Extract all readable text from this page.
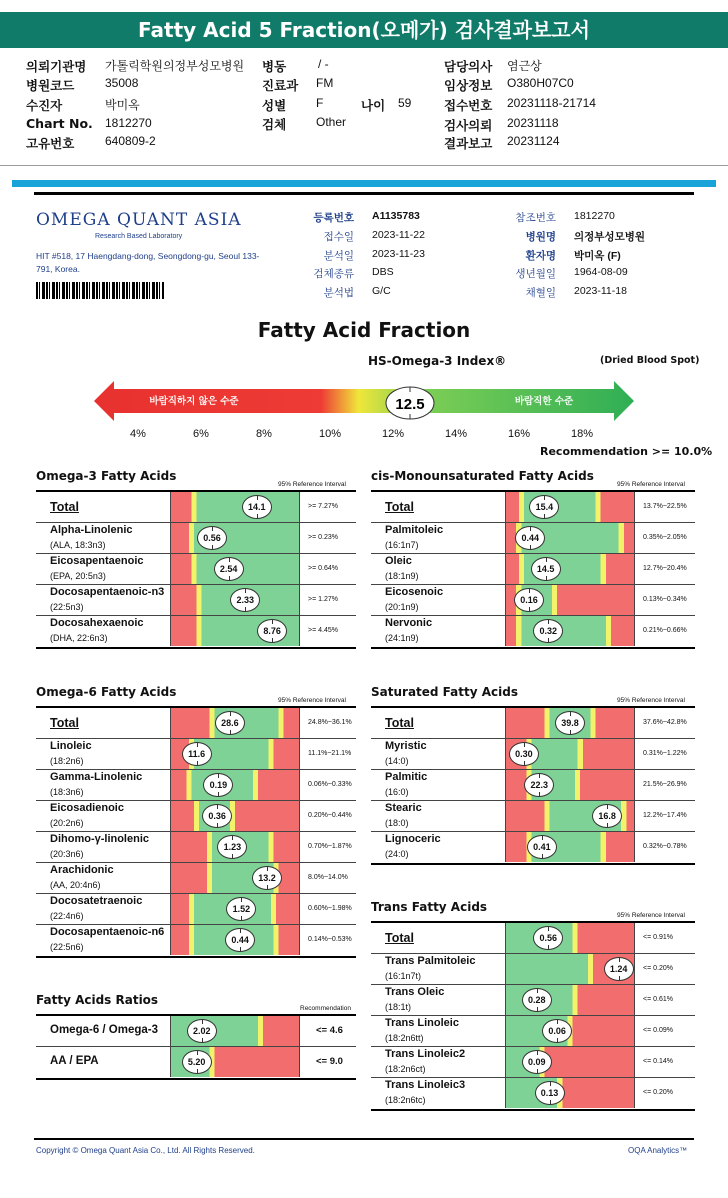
Fatty Acid 5 Fraction(오메가) 검사결과보고서
의뢰기관명 가톨릭학원의정부성모병원 병동	/ -	담당의사 염근상
병원코드	35008	진료과 FM	임상정보 O380H07C0
수진자	박미옥	성별 F	나이 59	접수번호 20231118-21714
Chart No. 1812270	검체 Other	검사의뢰 20231118
고유번호	640809-2	결과보고 20231124
OMEGA QUANT ASIA
Research Based Laboratory
HIT #518, 17 Haengdang-dong, Seongdong-gu, Seoul 133-791, Korea.
등록번호 A1135783
접수일 2023-11-22
분석일 2023-11-23
검체종류 DBS
분석법 G/C
참조번호 1812270
병원명 의정부성모병원
환자명 박미옥 (F)
생년월일 1964-08-09
채혈일 2023-11-18
Fatty Acid Fraction
HS-Omega-3 Index®	(Dried Blood Spot)
바람직하지 않은 수준	바람직한 수준
12.5
4%	6%	8%	10%	12%	14%	16%	18%
Recommendation >= 10.0%
Omega-3 Fatty Acids
95% Reference Interval
Total	14.1	>= 7.27%
Alpha-Linolenic
(ALA, 18:3n3)
0.56	>= 0.23%
Eicosapentaenoic
(EPA, 20:5n3)
2.54	>= 0.64%
Docosapentaenoic-n3
(22:5n3)
2.33	>= 1.27%
Docosahexaenoic
(DHA, 22:6n3)
8.76	>= 4.45%
cis-Monounsaturated Fatty Acids
95% Reference Interval
Total	15.4	13.7%~22.5%
Palmitoleic
(16:1n7)
0.44	0.35%~2.05%
Oleic
(18:1n9)
14.5	12.7%~20.4%
Eicosenoic
(20:1n9)
0.16	0.13%~0.34%
Nervonic
(24:1n9)
0.32	0.21%~0.66%
Omega-6 Fatty Acids
95% Reference Interval
Total	28.6	24.8%~36.1%
Linoleic
(18:2n6)
11.6	11.1%~21.1%
Gamma-Linolenic
(18:3n6)
0.19	0.06%~0.33%
Eicosadienoic
(20:2n6)
0.36	0.20%~0.44%
Dihomo-γ-linolenic
(20:3n6)
1.23	0.70%~1.87%
Arachidonic
(AA, 20:4n6)
13.2	8.0%~14.0%
Docosatetraenoic
(22:4n6)
1.52	0.60%~1.98%
Docosapentaenoic-n6
(22:5n6)
0.44	0.14%~0.53%
Saturated Fatty Acids
95% Reference Interval
Total	39.8	37.6%~42.8%
Myristic
(14:0)
0.30	0.31%~1.22%
Palmitic
(16:0)
22.3	21.5%~26.9%
Stearic
(18:0)
16.8	12.2%~17.4%
Lignoceric
(24:0)
0.41	0.32%~0.78%
Trans Fatty Acids
95% Reference Interval
Total	0.56	<= 0.91%
Trans Palmitoleic
(16:1n7t)
1.24	<= 0.20%
Trans Oleic
(18:1t)
0.28	<= 0.61%
Trans Linoleic
(18:2n6tt)
0.06	<= 0.09%
Trans Linoleic2
(18:2n6ct)
0.09	<= 0.14%
Trans Linoleic3
(18:2n6tc)
0.13	<= 0.20%
Fatty Acids Ratios
Recommendation
Omega-6 / Omega-3	2.02	<= 4.6
AA / EPA	5.20	<= 9.0
Copyright © Omega Quant Asia Co., Ltd. All Rights Reserved.	OQA Analytics™
